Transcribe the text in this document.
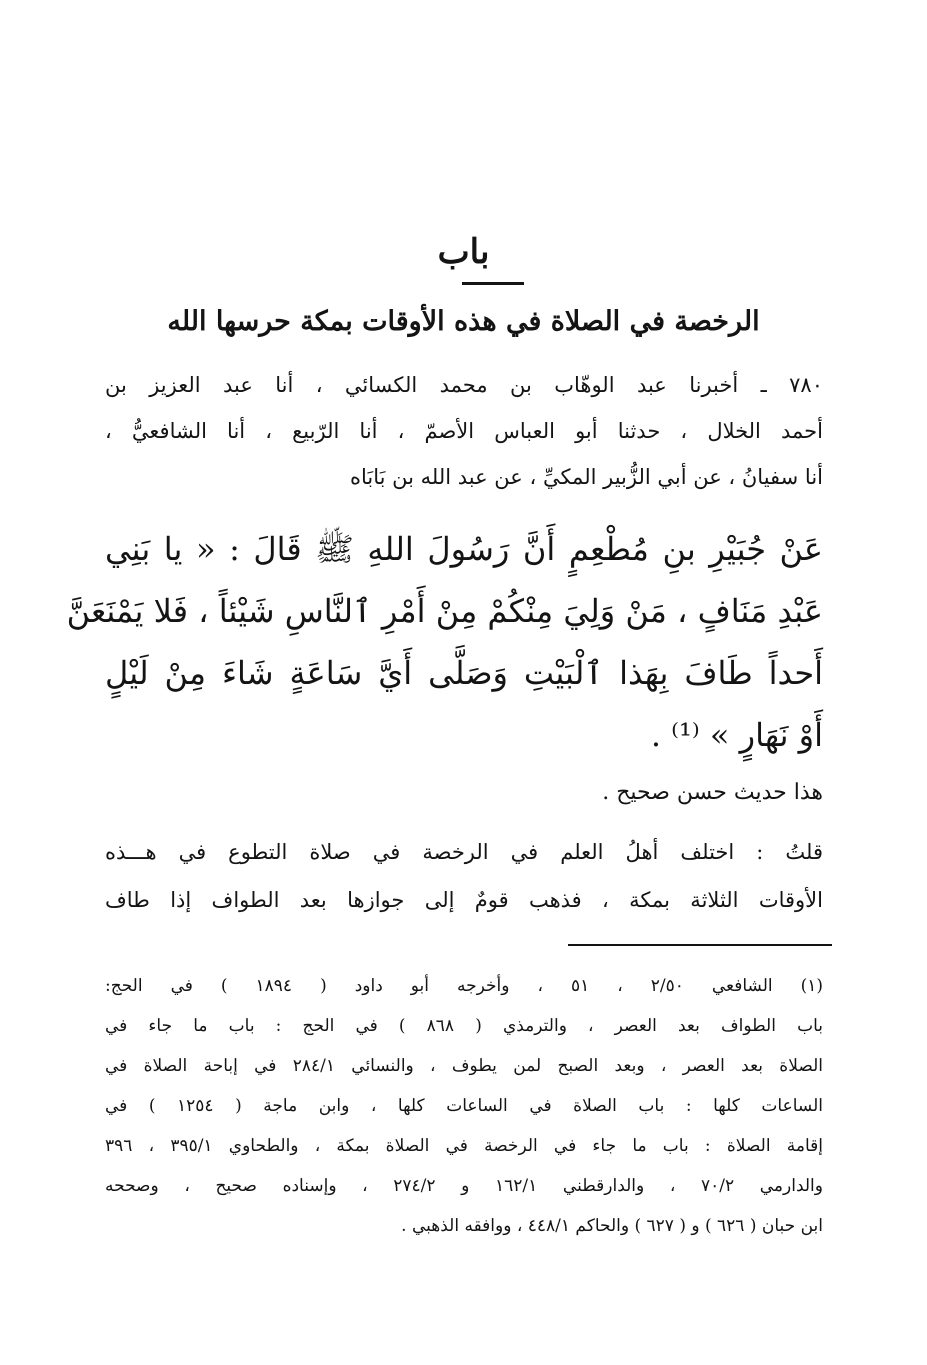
باب
الرخصة في الصلاة في هذه الأوقات بمكة حرسها الله
٧٨٠ ـ أخبرنا عبد الوهّاب بن محمد الكسائي ، أنا عبد العزيز بن
أحمد الخلال ، حدثنا أبو العباس الأصمّ ، أنا الرّبيع ، أنا الشافعيُّ ،
أنا سفيانُ ، عن أبي الزُّبير المكيِّ ، عن عبد الله بن بَابَاه
عَنْ جُبَيْرِ بنِ مُطْعِمٍ أَنَّ رَسُولَ اللهِ ﷺ قَالَ : « يا بَنِي
عَبْدِ مَنَافٍ ، مَنْ وَلِيَ مِنْكُمْ مِنْ أَمْرِ ٱلنَّاسِ شَيْئاً ، فَلا يَمْنَعَنَّ
أَحداً طَافَ بِهَذا ٱلْبَيْتِ وَصَلَّى أَيَّ سَاعَةٍ شَاءَ مِنْ لَيْلٍ
أَوْ نَهَارٍ » ⁽¹⁾ .
هذا حديث حسن صحيح .
قلتُ : اختلف أهلُ العلم في الرخصة في صلاة التطوع في هـــذه
الأوقات الثلاثة بمكة ، فذهب قومٌ إلى جوازها بعد الطواف إذا طاف
(١) الشافعي ٢/٥٠ ، ٥١ ، وأخرجه أبو داود ( ١٨٩٤ ) في الحج:
باب الطواف بعد العصر ، والترمذي ( ٨٦٨ ) في الحج : باب ما جاء في
الصلاة بعد العصر ، وبعد الصبح لمن يطوف ، والنسائي ٢٨٤/١ في إباحة الصلاة في
الساعات كلها : باب الصلاة في الساعات كلها ، وابن ماجة ( ١٢٥٤ ) في
إقامة الصلاة : باب ما جاء في الرخصة في الصلاة بمكة ، والطحاوي ٣٩٥/١ ، ٣٩٦
والدارمي ٧٠/٢ ، والدارقطني ١٦٢/١ و ٢٧٤/٢ ، وإسناده صحيح ، وصححه
ابن حبان ( ٦٢٦ ) و ( ٦٢٧ ) والحاكم ٤٤٨/١ ، ووافقه الذهبي .
